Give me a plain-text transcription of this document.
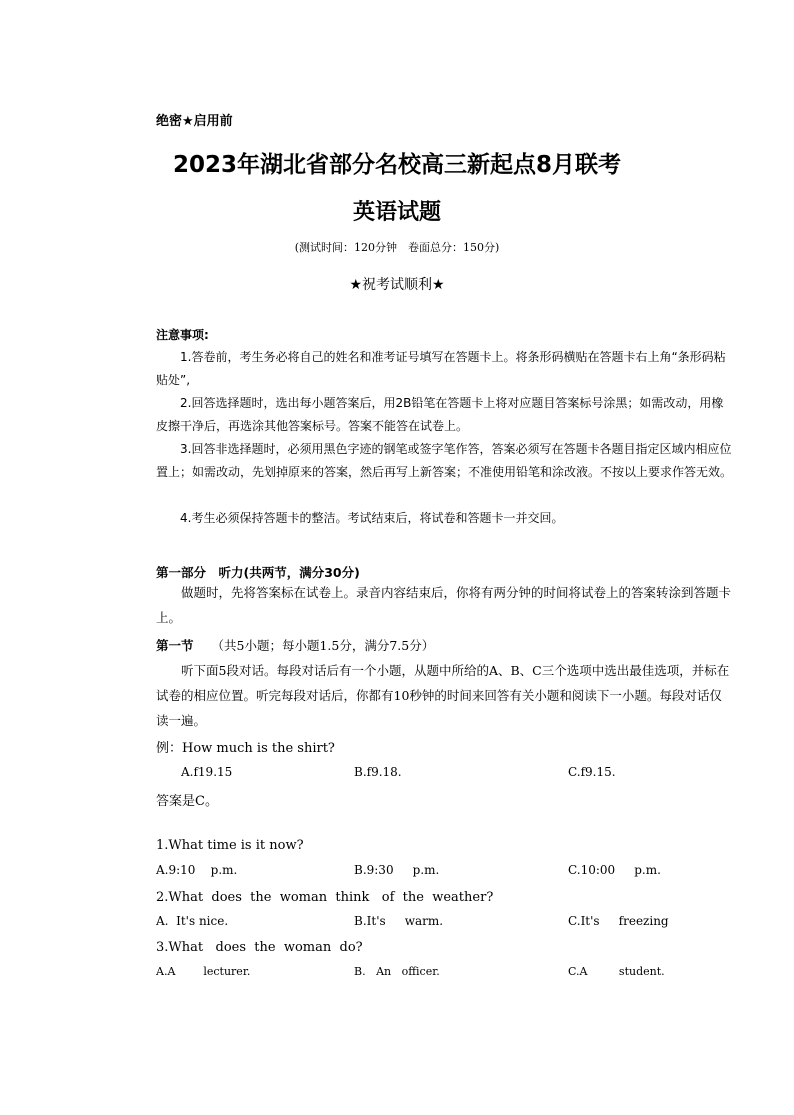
绝密★启用前
2023年湖北省部分名校高三新起点8月联考
英语试题
(测试时间：120分钟　卷面总分：150分)
★祝考试顺利★
注意事项:
1.答卷前，考生务必将自己的姓名和准考证号填写在答题卡上。将条形码横贴在答题卡右上角“条形码粘贴处”,
2.回答选择题时，选出每小题答案后，用2B铅笔在答题卡上将对应题目答案标号涂黑；如需改动，用橡皮擦干净后，再选涂其他答案标号。答案不能答在试卷上。
3.回答非选择题时，必须用黑色字迹的钢笔或签字笔作答，答案必须写在答题卡各题目指定区域内相应位置上；如需改动，先划掉原来的答案，然后再写上新答案；不准使用铅笔和涂改液。不按以上要求作答无效。
4.考生必须保持答题卡的整洁。考试结束后，将试卷和答题卡一并交回。
第一部分　听力(共两节，满分30分)
做题时，先将答案标在试卷上。录音内容结束后，你将有两分钟的时间将试卷上的答案转涂到答题卡上。
第一节 （共5小题；每小题1.5分，满分7.5分）
听下面5段对话。每段对话后有一个小题，从题中所给的A、B、C三个选项中选出最佳选项，并标在试卷的相应位置。听完每段对话后，你都有10秒钟的时间来回答有关小题和阅读下一小题。每段对话仅读一遍。
例：How much is the shirt?
A.f19.15	B.f9.18.	C.f9.15.
答案是C。
1.What time is it now?
A.9:10    p.m.	B.9:30     p.m.	C.10:00     p.m.
2.What  does  the  woman  think   of  the  weather?
A.  It's nice.	B.It's     warm.	C.It's     freezing
3.What   does  the  woman  do?
A.A        lecturer.	B.   An   officer.	C.A         student.
